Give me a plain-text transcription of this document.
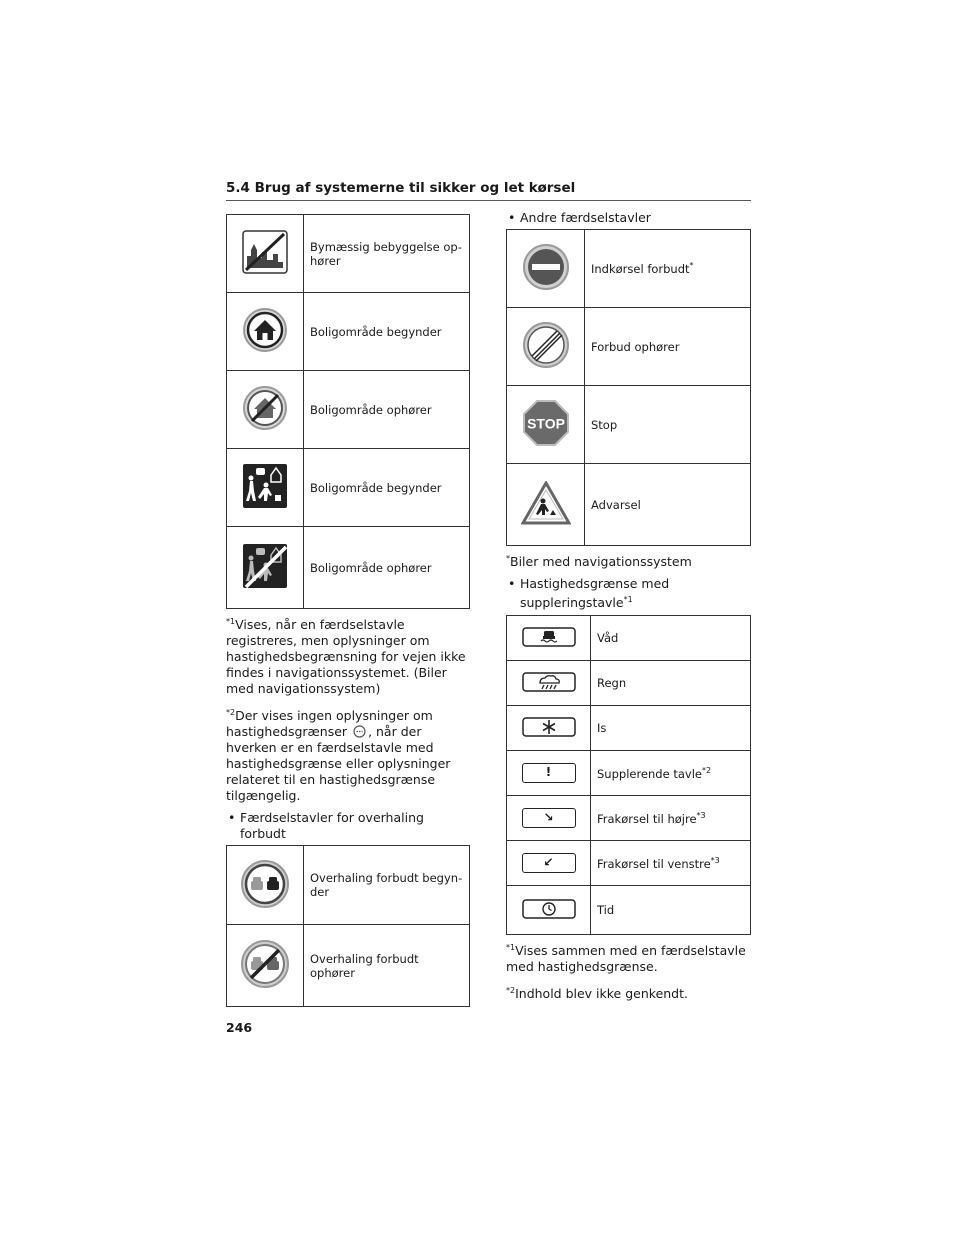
5.4 Brug af systemerne til sikker og let kørsel
	Bymæssig bebyggelse op-
hører
	Boligområde begynder
	Boligområde ophører
	Boligområde begynder
	Boligområde ophører

$^{*1}$Vises, når en færdselstavle registreres, men oplysninger om hastighedsbegrænsning for vejen ikke findes i navigationssystemet. (Biler med navigationssystem)

$^{*2}$Der vises ingen oplysninger om hastighedsgrænser , når der hverken er en færdselstavle med hastighedsgrænse eller oplysninger relateret til en hastighedsgrænse tilgængelig.

• Færdselstavler for overhaling forbudt

	Overhaling forbudt begyn-
der
	Overhaling forbudt ophører

• Andre færdselstavler

	Indkørsel forbudt*
	Forbud ophører

STOP	Stop
	Advarsel

*Biler med navigationssystem

• Hastighedsgrænse med suppleringstavle$^{*1}$

	Våd
	Regn
	Is
!	Supplerende tavle$^{*2}$
↘	Frakørsel til højre$^{*3}$
↙	Frakørsel til venstre$^{*3}$
	Tid

$^{*1}$Vises sammen med en færdselstavle med hastighedsgrænse.

$^{*2}$Indhold blev ikke genkendt.

246
